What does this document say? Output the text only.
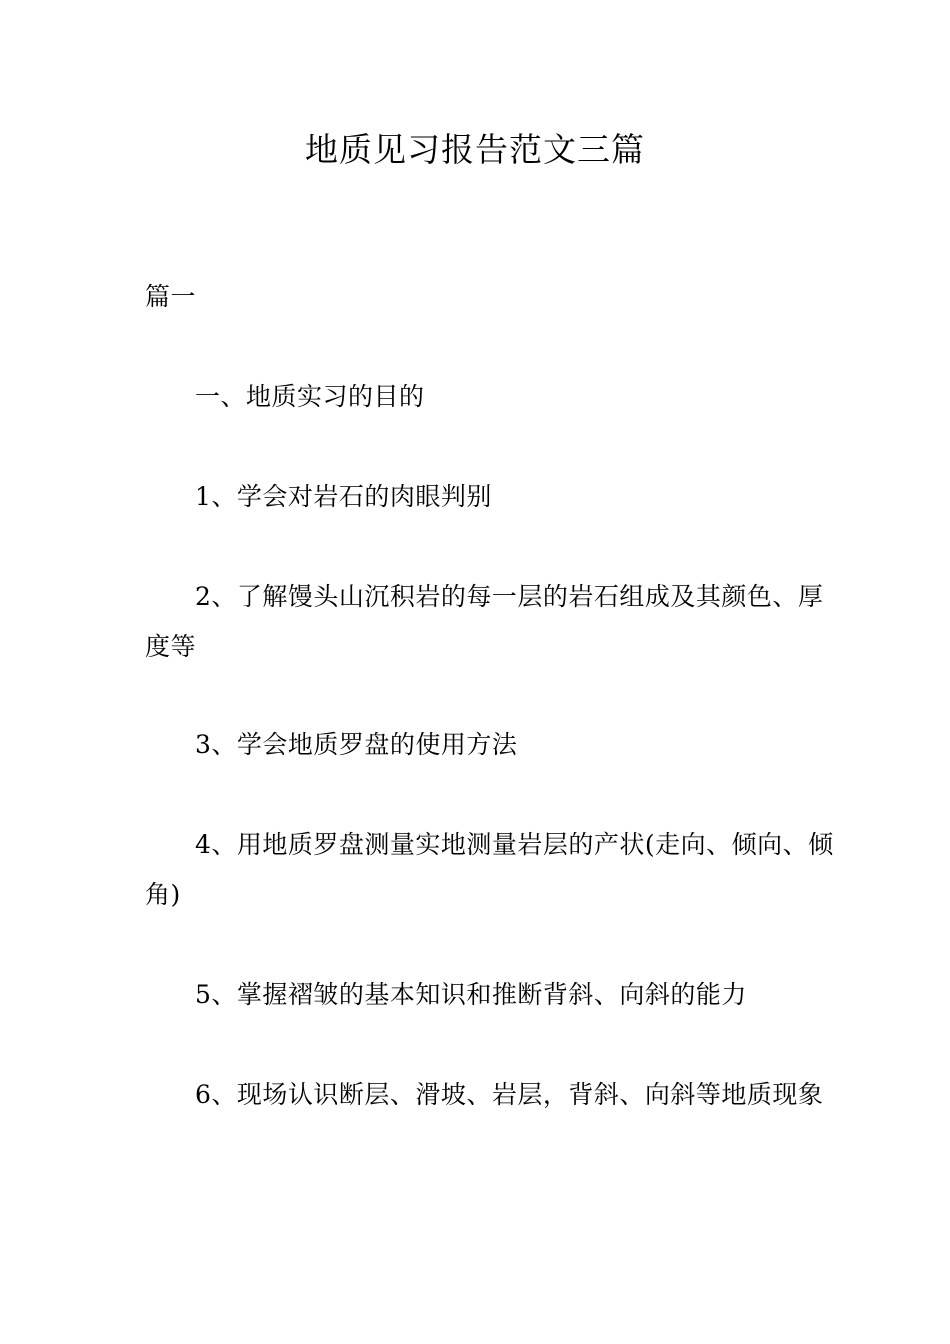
地质见习报告范文三篇
篇一
一、地质实习的目的
1、学会对岩石的肉眼判别
2、了解馒头山沉积岩的每一层的岩石组成及其颜色、厚度等
3、学会地质罗盘的使用方法
4、用地质罗盘测量实地测量岩层的产状(走向、倾向、倾角)
5、掌握褶皱的基本知识和推断背斜、向斜的能力
6、现场认识断层、滑坡、岩层，背斜、向斜等地质现象
